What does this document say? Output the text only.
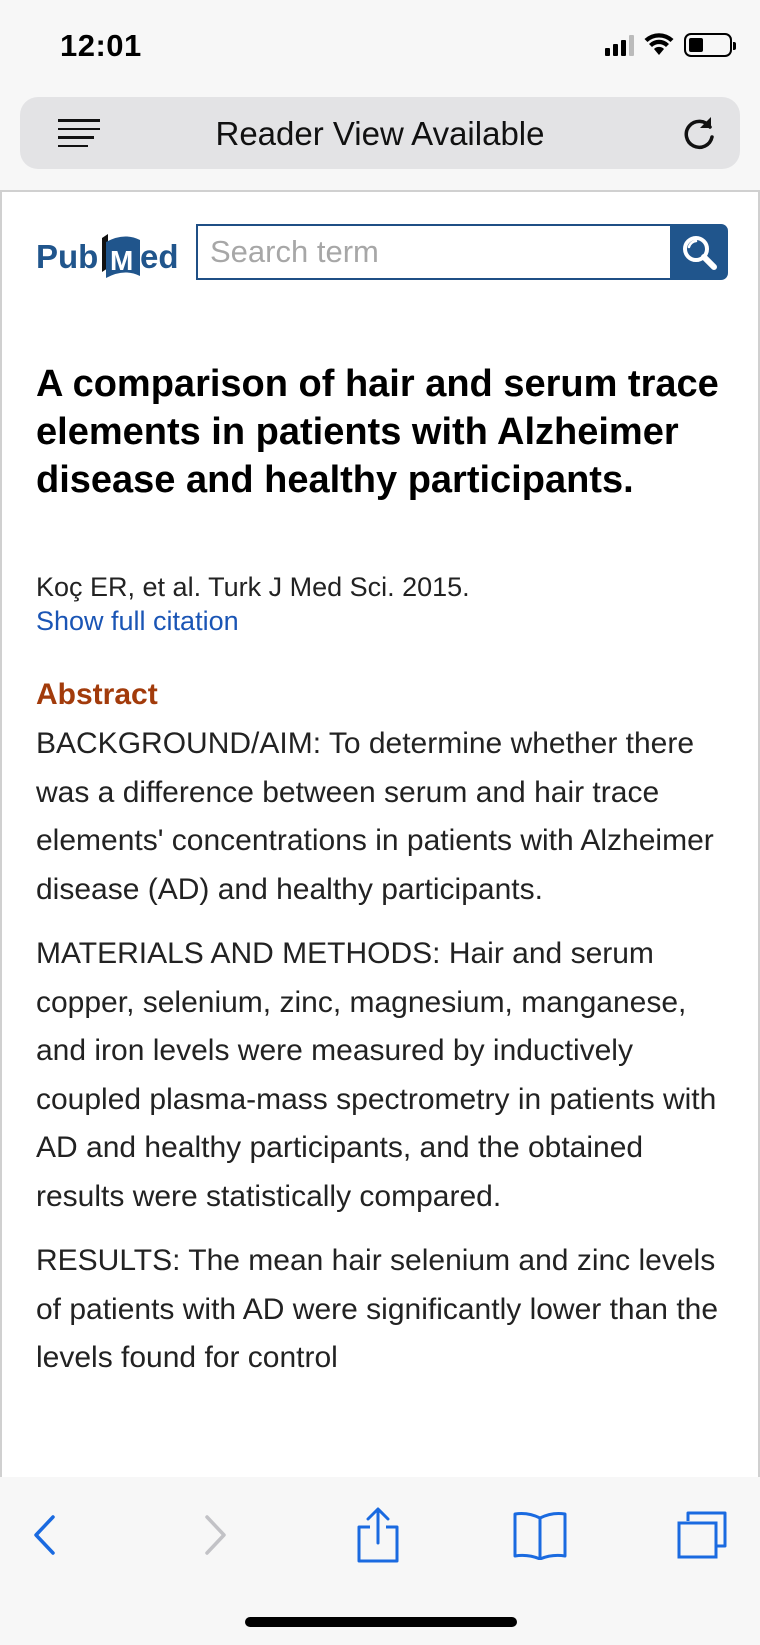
12:01
Reader View Available
Pub M ed
Search term
A comparison of hair and serum trace elements in patients with Alzheimer disease and healthy participants.
Koç ER, et al. Turk J Med Sci. 2015.
Show full citation
Abstract

BACKGROUND/AIM: To determine whether there was a difference between serum and hair trace elements' concentrations in patients with Alzheimer disease (AD) and healthy participants.

MATERIALS AND METHODS: Hair and serum copper, selenium, zinc, magnesium, manganese, and iron levels were measured by inductively coupled plasma-mass spectrometry in patients with AD and healthy participants, and the obtained results were statistically compared.

RESULTS: The mean hair selenium and zinc levels of patients with AD were significantly lower than the levels found for control
